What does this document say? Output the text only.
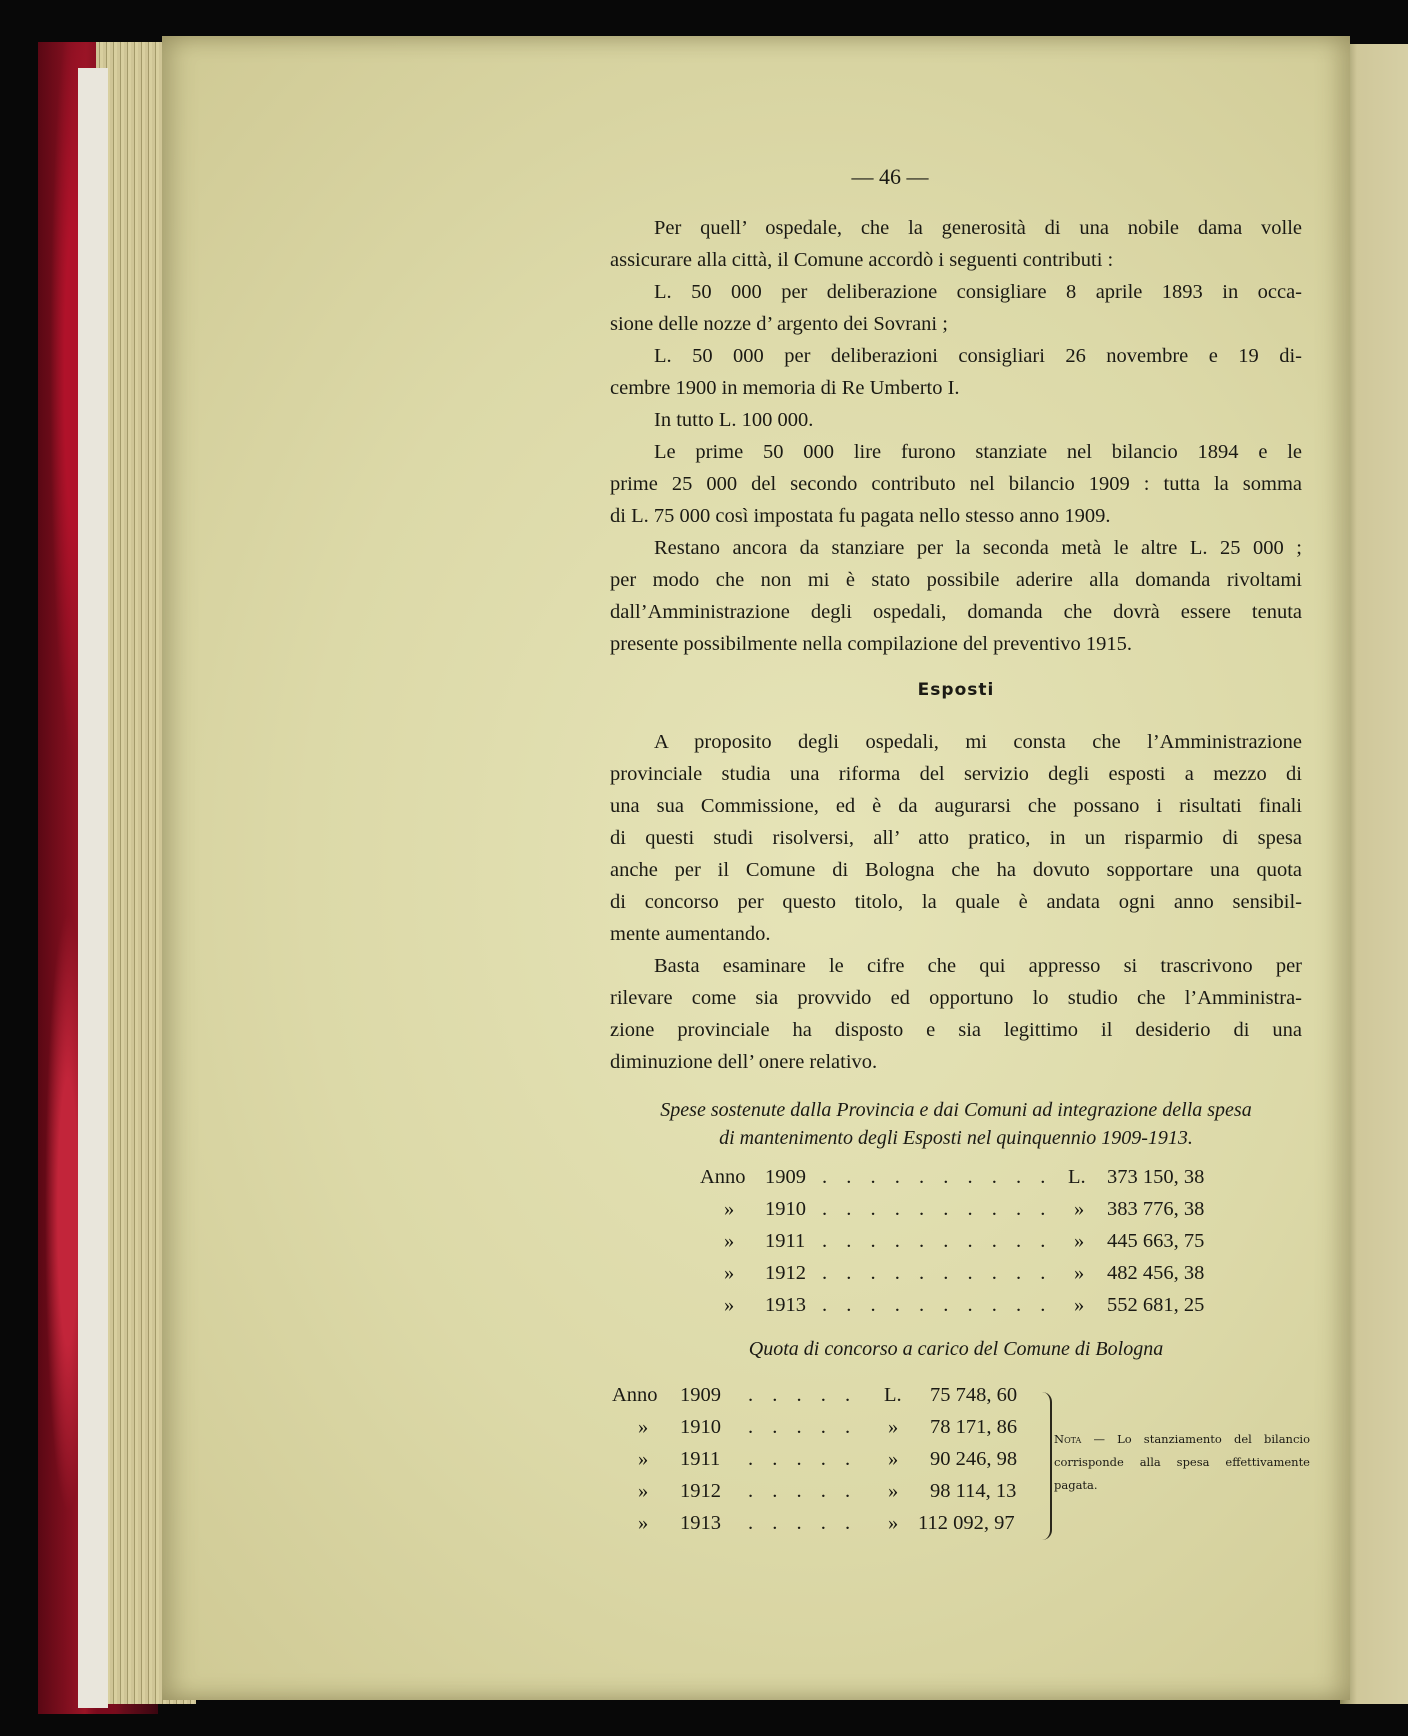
— 46 —
Per quell’ ospedale, che la generosità di una nobile dama volle
assicurare alla città, il Comune accordò i seguenti contributi :
L. 50 000 per deliberazione consigliare 8 aprile 1893 in occa-
sione delle nozze d’ argento dei Sovrani ;
L. 50 000 per deliberazioni consigliari 26 novembre e 19 di-
cembre 1900 in memoria di Re Umberto I.
In tutto L. 100 000.
Le prime 50 000 lire furono stanziate nel bilancio 1894 e le
prime 25 000 del secondo contributo nel bilancio 1909 : tutta la somma
di L. 75 000 così impostata fu pagata nello stesso anno 1909.
Restano ancora da stanziare per la seconda metà le altre L. 25 000 ;
per modo che non mi è stato possibile aderire alla domanda rivoltami
dall’Amministrazione degli ospedali, domanda che dovrà essere tenuta
presente possibilmente nella compilazione del preventivo 1915.
Esposti
A proposito degli ospedali, mi consta che l’Amministrazione
provinciale studia una riforma del servizio degli esposti a mezzo di
una sua Commissione, ed è da augurarsi che possano i risultati finali
di questi studi risolversi, all’ atto pratico, in un risparmio di spesa
anche per il Comune di Bologna che ha dovuto sopportare una quota
di concorso per questo titolo, la quale è andata ogni anno sensibil-
mente aumentando.
Basta esaminare le cifre che qui appresso si trascrivono per
rilevare come sia provvido ed opportuno lo studio che l’Amministra-
zione provinciale ha disposto e sia legittimo il desiderio di una
diminuzione dell’ onere relativo.
Spese sostenute dalla Provincia e dai Comuni ad integrazione della spesa
di mantenimento degli Esposti nel quinquennio 1909-1913.
Anno 1909 . . . . . . . . . . L. 373 150, 38
» 1910 . . . . . . . . . . » 383 776, 38
» 1911 . . . . . . . . . . » 445 663, 75
» 1912 . . . . . . . . . . » 482 456, 38
» 1913 . . . . . . . . . . » 552 681, 25
Quota di concorso a carico del Comune di Bologna
Anno 1909 . . . . . L. 75 748, 60
» 1910 . . . . . » 78 171, 86
» 1911 . . . . . » 90 246, 98
» 1912 . . . . . » 98 114, 13
» 1913 . . . . . » 112 092, 97
Nota — Lo stanziamento del bilancio corrisponde alla spesa effettivamente pagata.
